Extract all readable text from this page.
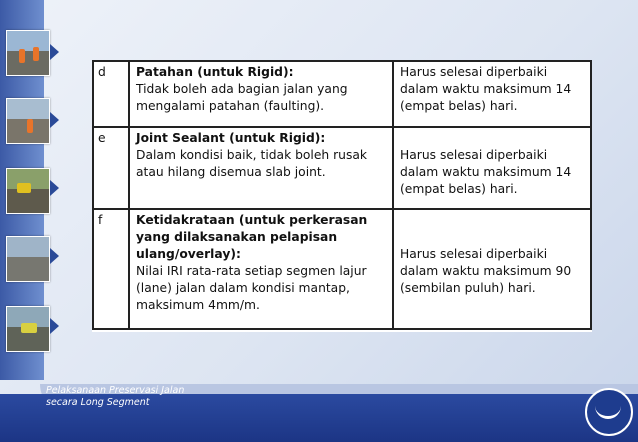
d	Patahan (untuk Rigid):
Tidak boleh ada bagian jalan yang mengalami patahan (faulting).	Harus selesai diperbaiki dalam waktu maksimum 14 (empat belas) hari.
e	Joint Sealant (untuk Rigid):
Dalam kondisi baik, tidak boleh rusak atau hilang disemua slab joint.	Harus selesai diperbaiki dalam waktu maksimum 14 (empat belas) hari.
f	Ketidakrataan (untuk perkerasan yang dilaksanakan pelapisan ulang/overlay):
Nilai IRI rata-rata setiap segmen lajur (lane) jalan dalam kondisi mantap, maksimum 4mm/m.	Harus selesai diperbaiki dalam waktu maksimum 90 (sembilan puluh) hari.
Pelaksanaan Preservasi Jalan
secara Long Segment
